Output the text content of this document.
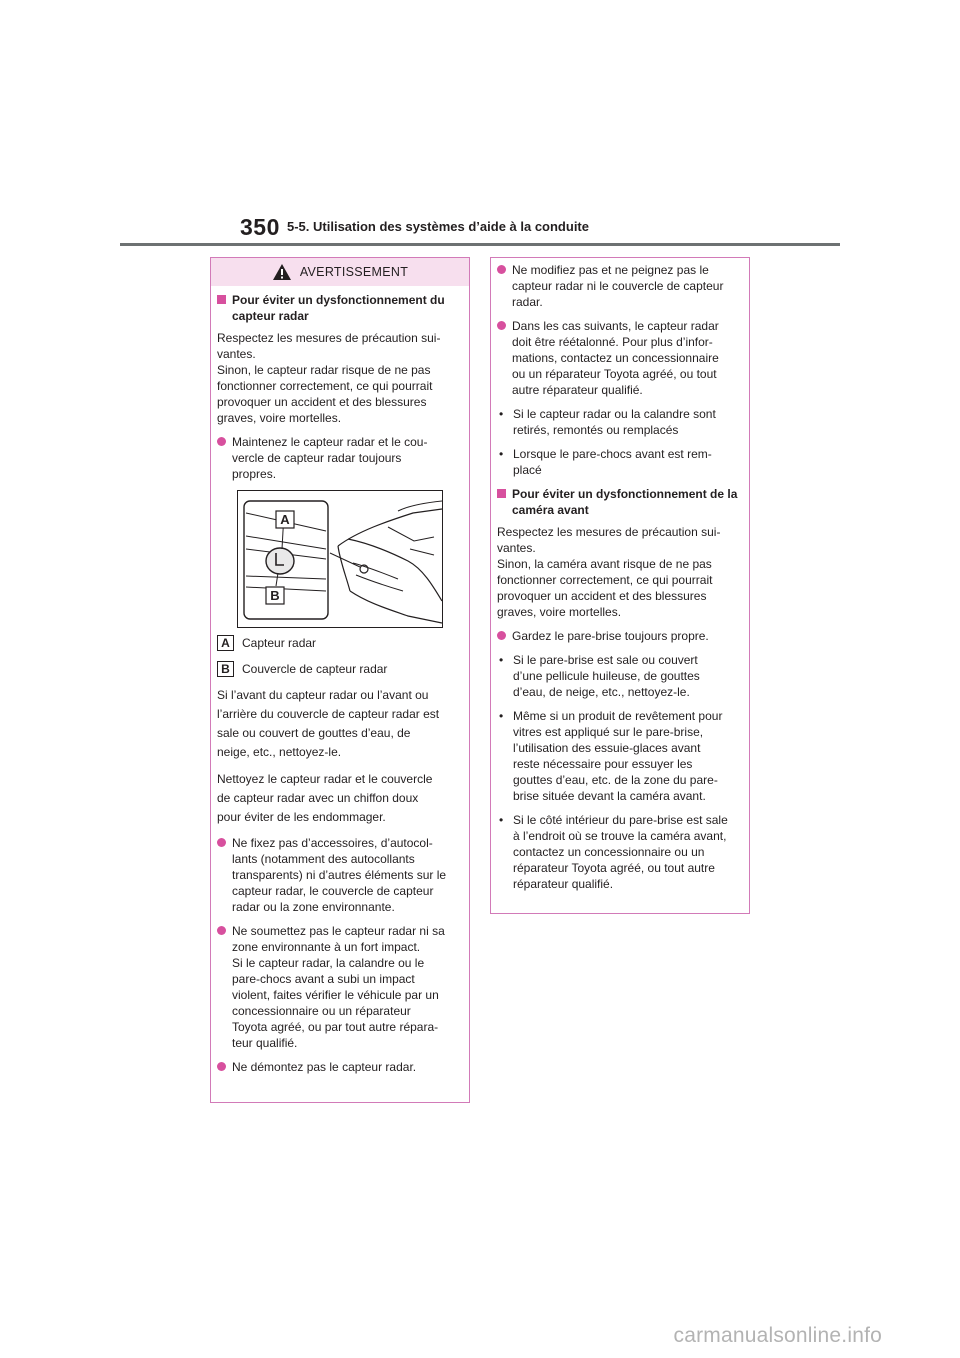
350 5-5. Utilisation des systèmes d’aide à la conduite
AVERTISSEMENT
Pour éviter un dysfonctionnement du capteur radar

Respectez les mesures de précaution sui-
vantes.
Sinon, le capteur radar risque de ne pas
fonctionner correctement, ce qui pourrait
provoquer un accident et des blessures
graves, voire mortelles.

Maintenez le capteur radar et le cou-
vercle de capteur radar toujours
propres.
A
B
A	Capteur radar
B	Couvercle de capteur radar

Si l’avant du capteur radar ou l’avant ou
l’arrière du couvercle de capteur radar est
sale ou couvert de gouttes d’eau, de
neige, etc., nettoyez-le.

Nettoyez le capteur radar et le couvercle
de capteur radar avec un chiffon doux
pour éviter de les endommager.

Ne fixez pas d’accessoires, d’autocol-
lants (notamment des autocollants
transparents) ni d’autres éléments sur le
capteur radar, le couvercle de capteur
radar ou la zone environnante.
Ne soumettez pas le capteur radar ni sa
zone environnante à un fort impact.
Si le capteur radar, la calandre ou le
pare-chocs avant a subi un impact
violent, faites vérifier le véhicule par un
concessionnaire ou un réparateur
Toyota agréé, ou par tout autre répara-
teur qualifié.
Ne démontez pas le capteur radar.
Ne modifiez pas et ne peignez pas le
capteur radar ni le couvercle de capteur
radar.
Dans les cas suivants, le capteur radar
doit être réétalonné. Pour plus d’infor-
mations, contactez un concessionnaire
ou un réparateur Toyota agréé, ou tout
autre réparateur qualifié.
• Si le capteur radar ou la calandre sont
retirés, remontés ou remplacés
• Lorsque le pare-chocs avant est rem-
placé
Pour éviter un dysfonctionnement de la caméra avant

Respectez les mesures de précaution sui-
vantes.
Sinon, la caméra avant risque de ne pas
fonctionner correctement, ce qui pourrait
provoquer un accident et des blessures
graves, voire mortelles.

Gardez le pare-brise toujours propre.
• Si le pare-brise est sale ou couvert
d’une pellicule huileuse, de gouttes
d’eau, de neige, etc., nettoyez-le.
• Même si un produit de revêtement pour
vitres est appliqué sur le pare-brise,
l’utilisation des essuie-glaces avant
reste nécessaire pour essuyer les
gouttes d’eau, etc. de la zone du pare-
brise située devant la caméra avant.
• Si le côté intérieur du pare-brise est sale
à l’endroit où se trouve la caméra avant,
contactez un concessionnaire ou un
réparateur Toyota agréé, ou tout autre
réparateur qualifié.
carmanualsonline.info
